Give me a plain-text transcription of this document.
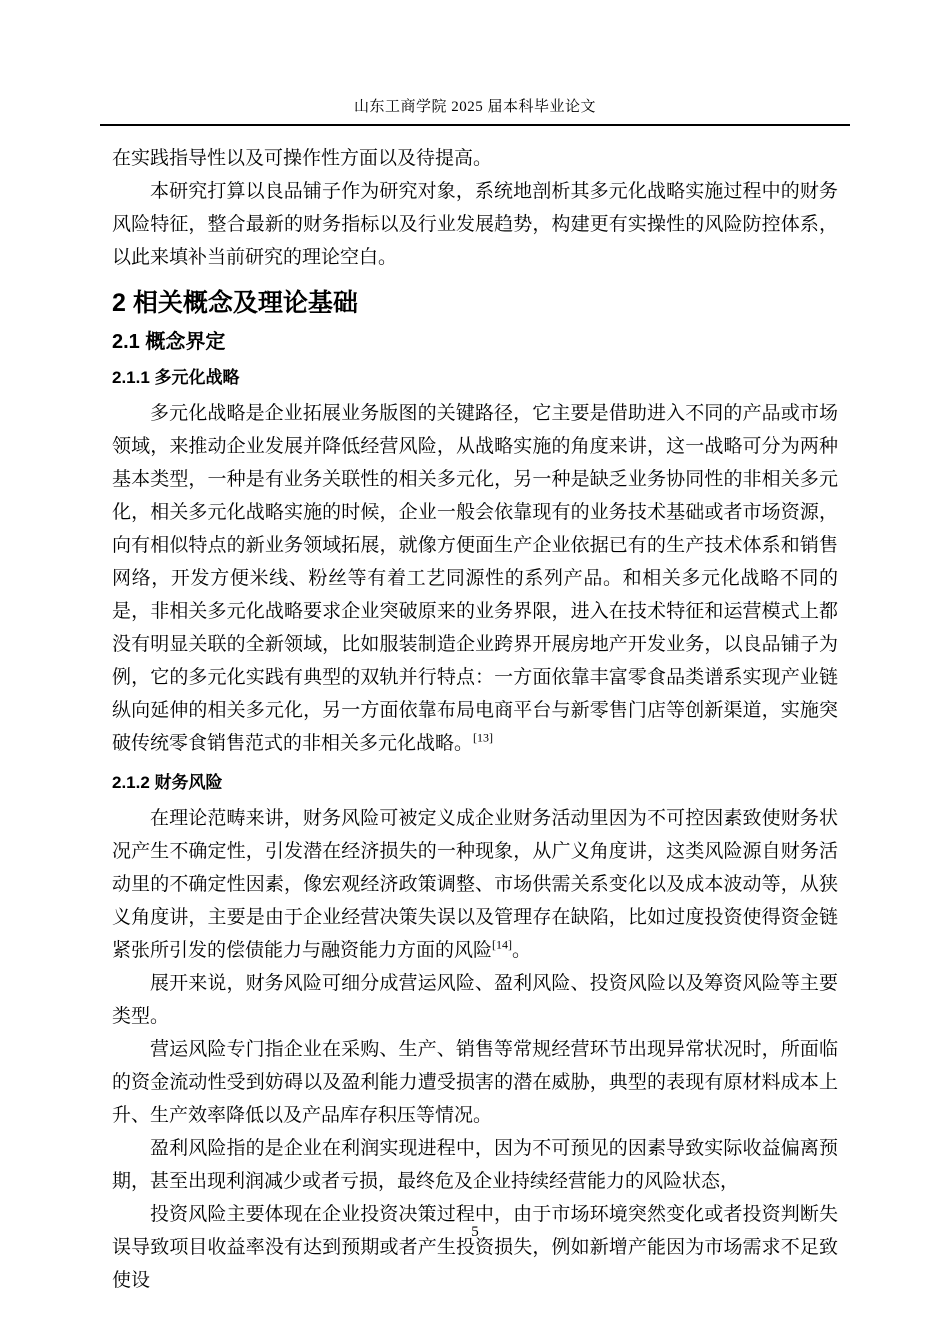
山东工商学院 2025 届本科毕业论文

在实践指导性以及可操作性方面以及待提高。

本研究打算以良品铺子作为研究对象，系统地剖析其多元化战略实施过程中的财务风险特征，整合最新的财务指标以及行业发展趋势，构建更有实操性的风险防控体系，以此来填补当前研究的理论空白。

2 相关概念及理论基础
2.1 概念界定
2.1.1 多元化战略

多元化战略是企业拓展业务版图的关键路径，它主要是借助进入不同的产品或市场领域，来推动企业发展并降低经营风险，从战略实施的角度来讲，这一战略可分为两种基本类型，一种是有业务关联性的相关多元化，另一种是缺乏业务协同性的非相关多元化，相关多元化战略实施的时候，企业一般会依靠现有的业务技术基础或者市场资源，向有相似特点的新业务领域拓展，就像方便面生产企业依据已有的生产技术体系和销售网络，开发方便米线、粉丝等有着工艺同源性的系列产品。和相关多元化战略不同的是，非相关多元化战略要求企业突破原来的业务界限，进入在技术特征和运营模式上都没有明显关联的全新领域，比如服装制造企业跨界开展房地产开发业务，以良品铺子为例，它的多元化实践有典型的双轨并行特点：一方面依靠丰富零食品类谱系实现产业链纵向延伸的相关多元化，另一方面依靠布局电商平台与新零售门店等创新渠道，实施突破传统零食销售范式的非相关多元化战略。[13]

2.1.2 财务风险

在理论范畴来讲，财务风险可被定义成企业财务活动里因为不可控因素致使财务状况产生不确定性，引发潜在经济损失的一种现象，从广义角度讲，这类风险源自财务活动里的不确定性因素，像宏观经济政策调整、市场供需关系变化以及成本波动等，从狭义角度讲，主要是由于企业经营决策失误以及管理存在缺陷，比如过度投资使得资金链紧张所引发的偿债能力与融资能力方面的风险[14]。

展开来说，财务风险可细分成营运风险、盈利风险、投资风险以及筹资风险等主要类型。

营运风险专门指企业在采购、生产、销售等常规经营环节出现异常状况时，所面临的资金流动性受到妨碍以及盈利能力遭受损害的潜在威胁，典型的表现有原材料成本上升、生产效率降低以及产品库存积压等情况。

盈利风险指的是企业在利润实现进程中，因为不可预见的因素导致实际收益偏离预期，甚至出现利润减少或者亏损，最终危及企业持续经营能力的风险状态，

投资风险主要体现在企业投资决策过程中，由于市场环境突然变化或者投资判断失误导致项目收益率没有达到预期或者产生投资损失，例如新增产能因为市场需求不足致使设

5
